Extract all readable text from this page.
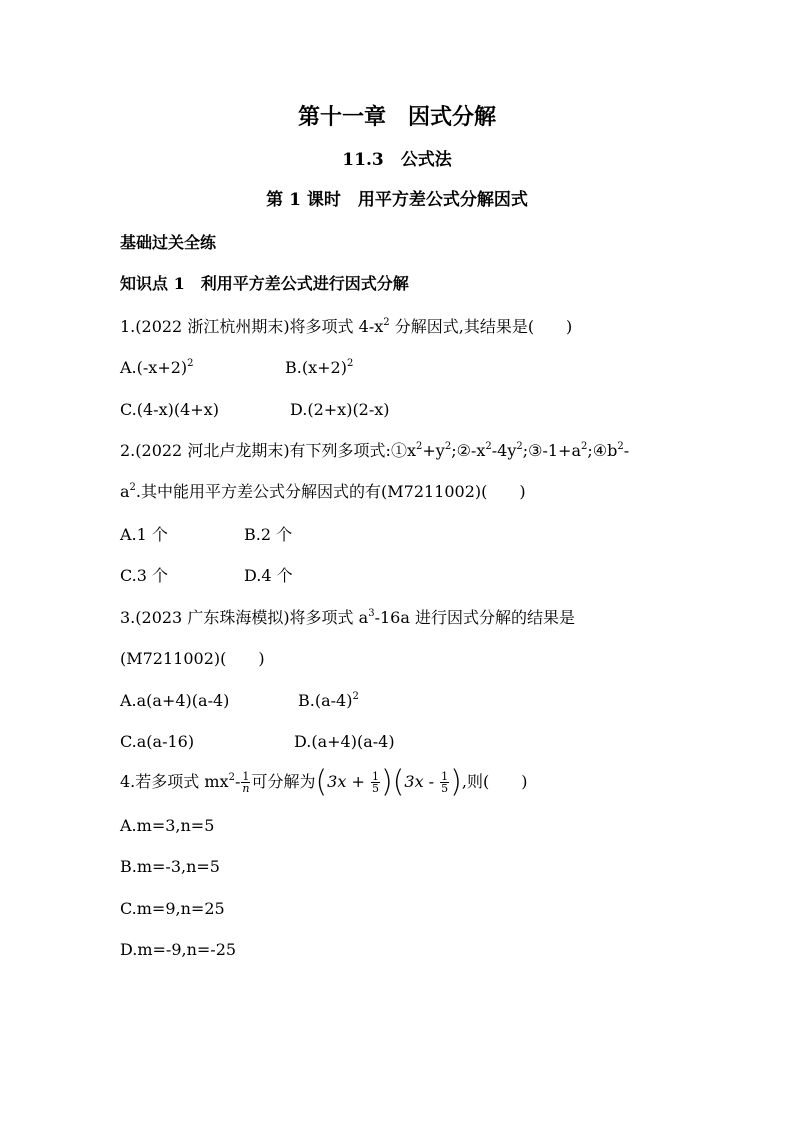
第十一章　因式分解
11.3　公式法
第 1 课时　用平方差公式分解因式
基础过关全练
知识点 1　利用平方差公式进行因式分解
1.(2022 浙江杭州期末)将多项式 $4-x^2$ 分解因式,其结果是(　　)
$A.(-x+2)^2$	$B.(x+2)^2$
C.(4-x)(4+x)	D.(2+x)(2-x)
2.(2022 河北卢龙期末)有下列多项式$:①x^2+y^2;②-x^2-4y^2;③-1+a^2;④b^2-$
$a^2$.其中能用平方差公式分解因式的有(M7211002)(　　)
A.1 个	B.2 个
C.3 个	D.4 个
3.(2023 广东珠海模拟)将多项式 $a^3-16a$ 进行因式分解的结果是
(M7211002)(　　)
A.a(a+4)(a-4)	$B.(a-4)^2$
C.a(a-16)	D.(a+4)(a-4)
4.若多项式 $mx^2- \frac{1}{n}$ 可分解为$(3x + \frac{1}{5} )(3x - \frac{1}{5}$ ),则(　　)
A.m=3,n=5
B.m=-3,n=5
C.m=9,n=25
D.m=-9,n=-25
